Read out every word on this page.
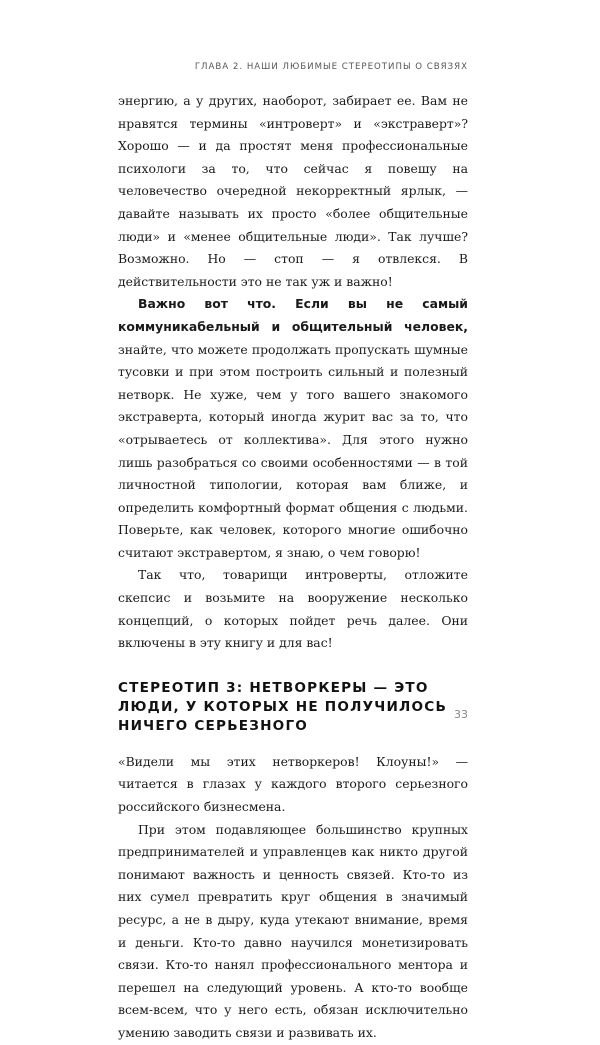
ГЛАВА 2. НАШИ ЛЮБИМЫЕ СТЕРЕОТИПЫ О СВЯЗЯХ

энергию, а у других, наоборот, забирает ее. Вам не нравятся термины «интроверт» и «экстраверт»? Хорошо — и да простят меня профессиональные психологи за то, что сейчас я повешу на человечество очередной некорректный ярлык, — давайте называть их просто «более общительные люди» и «менее общительные люди». Так лучше? Возможно. Но — стоп — я отвлекся. В действительности это не так уж и важно!

Важно вот что. Если вы не самый коммуникабельный и общительный человек, знайте, что можете продолжать пропускать шумные тусовки и при этом построить сильный и полезный нетворк. Не хуже, чем у того вашего знакомого экстраверта, который иногда журит вас за то, что «отрываетесь от коллектива». Для этого нужно лишь разобраться со своими особенностями — в той личностной типологии, которая вам ближе, и определить комфортный формат общения с людьми. Поверьте, как человек, которого многие ошибочно считают экстравертом, я знаю, о чем говорю!

Так что, товарищи интроверты, отложите скепсис и возьмите на вооружение несколько концепций, о которых пойдет речь далее. Они включены в эту книгу и для вас!

СТЕРЕОТИП 3: НЕТВОРКЕРЫ — ЭТО ЛЮДИ, У КОТОРЫХ НЕ ПОЛУЧИЛОСЬ НИЧЕГО СЕРЬЕЗНОГО

«Видели мы этих нетворкеров! Клоуны!» — читается в глазах у каждого второго серьезного российского бизнесмена.

При этом подавляющее большинство крупных предпринимателей и управленцев как никто другой понимают важность и ценность связей. Кто-то из них сумел превратить круг общения в значимый ресурс, а не в дыру, куда утекают внимание, время и деньги. Кто-то давно научился монетизировать связи. Кто-то нанял профессионального ментора и перешел на следующий уровень. А кто-то вообще всем-всем, что у него есть, обязан исключительно умению заводить связи и развивать их.

33
